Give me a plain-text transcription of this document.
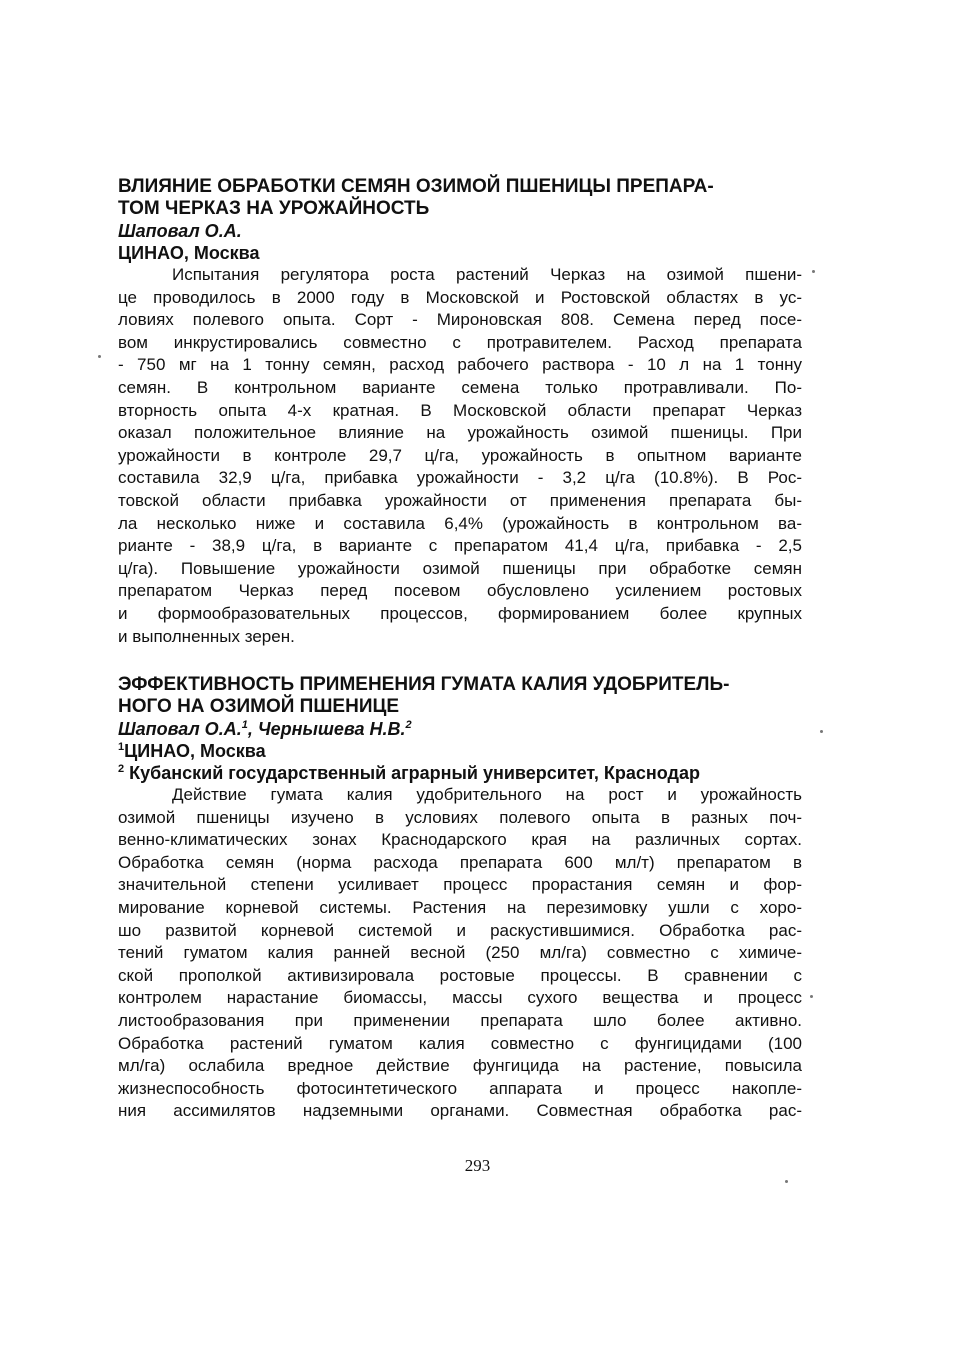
ВЛИЯНИЕ ОБРАБОТКИ СЕМЯН ОЗИМОЙ ПШЕНИЦЫ ПРЕПАРА-
ТОМ ЧЕРКАЗ НА УРОЖАЙНОСТЬ

Шаповал О.А.

ЦИНАО, Москва

Испытания регулятора роста растений Черказ на озимой пшени-
це проводилось в 2000 году в Московской и Ростовской областях в ус-
ловиях полевого опыта. Сорт - Мироновская 808. Семена перед посе-
вом инкрустировались совместно с протравителем. Расход препарата
- 750 мг на 1 тонну семян, расход рабочего раствора - 10 л на 1 тонну
семян. В контрольном варианте семена только протравливали. По-
вторность опыта 4-х кратная. В Московской области препарат Черказ
оказал положительное влияние на урожайность озимой пшеницы. При
урожайности в контроле 29,7 ц/га, урожайность в опытном варианте
составила 32,9 ц/га, прибавка урожайности - 3,2 ц/га (10.8%). В Рос-
товской области прибавка урожайности от применения препарата бы-
ла несколько ниже и составила 6,4% (урожайность в контрольном ва-
рианте - 38,9 ц/га, в варианте с препаратом 41,4 ц/га, прибавка - 2,5
ц/га). Повышение урожайности озимой пшеницы при обработке семян
препаратом Черказ перед посевом обусловлено усилением ростовых
и формообразовательных процессов, формированием более крупных
и выполненных зерен.

ЭФФЕКТИВНОСТЬ ПРИМЕНЕНИЯ ГУМАТА КАЛИЯ УДОБРИТЕЛЬ-
НОГО НА ОЗИМОЙ ПШЕНИЦЕ

Шаповал О.А.$^1$, Чернышева Н.В.$^2$

$^1$ЦИНАО, Москва

$^2$ Кубанский государственный аграрный университет, Краснодар

Действие гумата калия удобрительного на рост и урожайность
озимой пшеницы изучено в условиях полевого опыта в разных поч-
венно-климатических зонах Краснодарского края на различных сортах.
Обработка семян (норма расхода препарата 600 мл/т) препаратом в
значительной степени усиливает процесс прорастания семян и фор-
мирование корневой системы. Растения на перезимовку ушли с хоро-
шо развитой корневой системой и раскустившимися. Обработка рас-
тений гуматом калия ранней весной (250 мл/га) совместно с химиче-
ской прополкой активизировала ростовые процессы. В сравнении с
контролем нарастание биомассы, массы сухого вещества и процесс
листообразования при применении препарата шло более активно.
Обработка растений гуматом калия совместно с фунгицидами (100
мл/га) ослабила вредное действие фунгицида на растение, повысила
жизнеспособность фотосинтетического аппарата и процесс накопле-
ния ассимилятов надземными органами. Совместная обработка рас-
293
